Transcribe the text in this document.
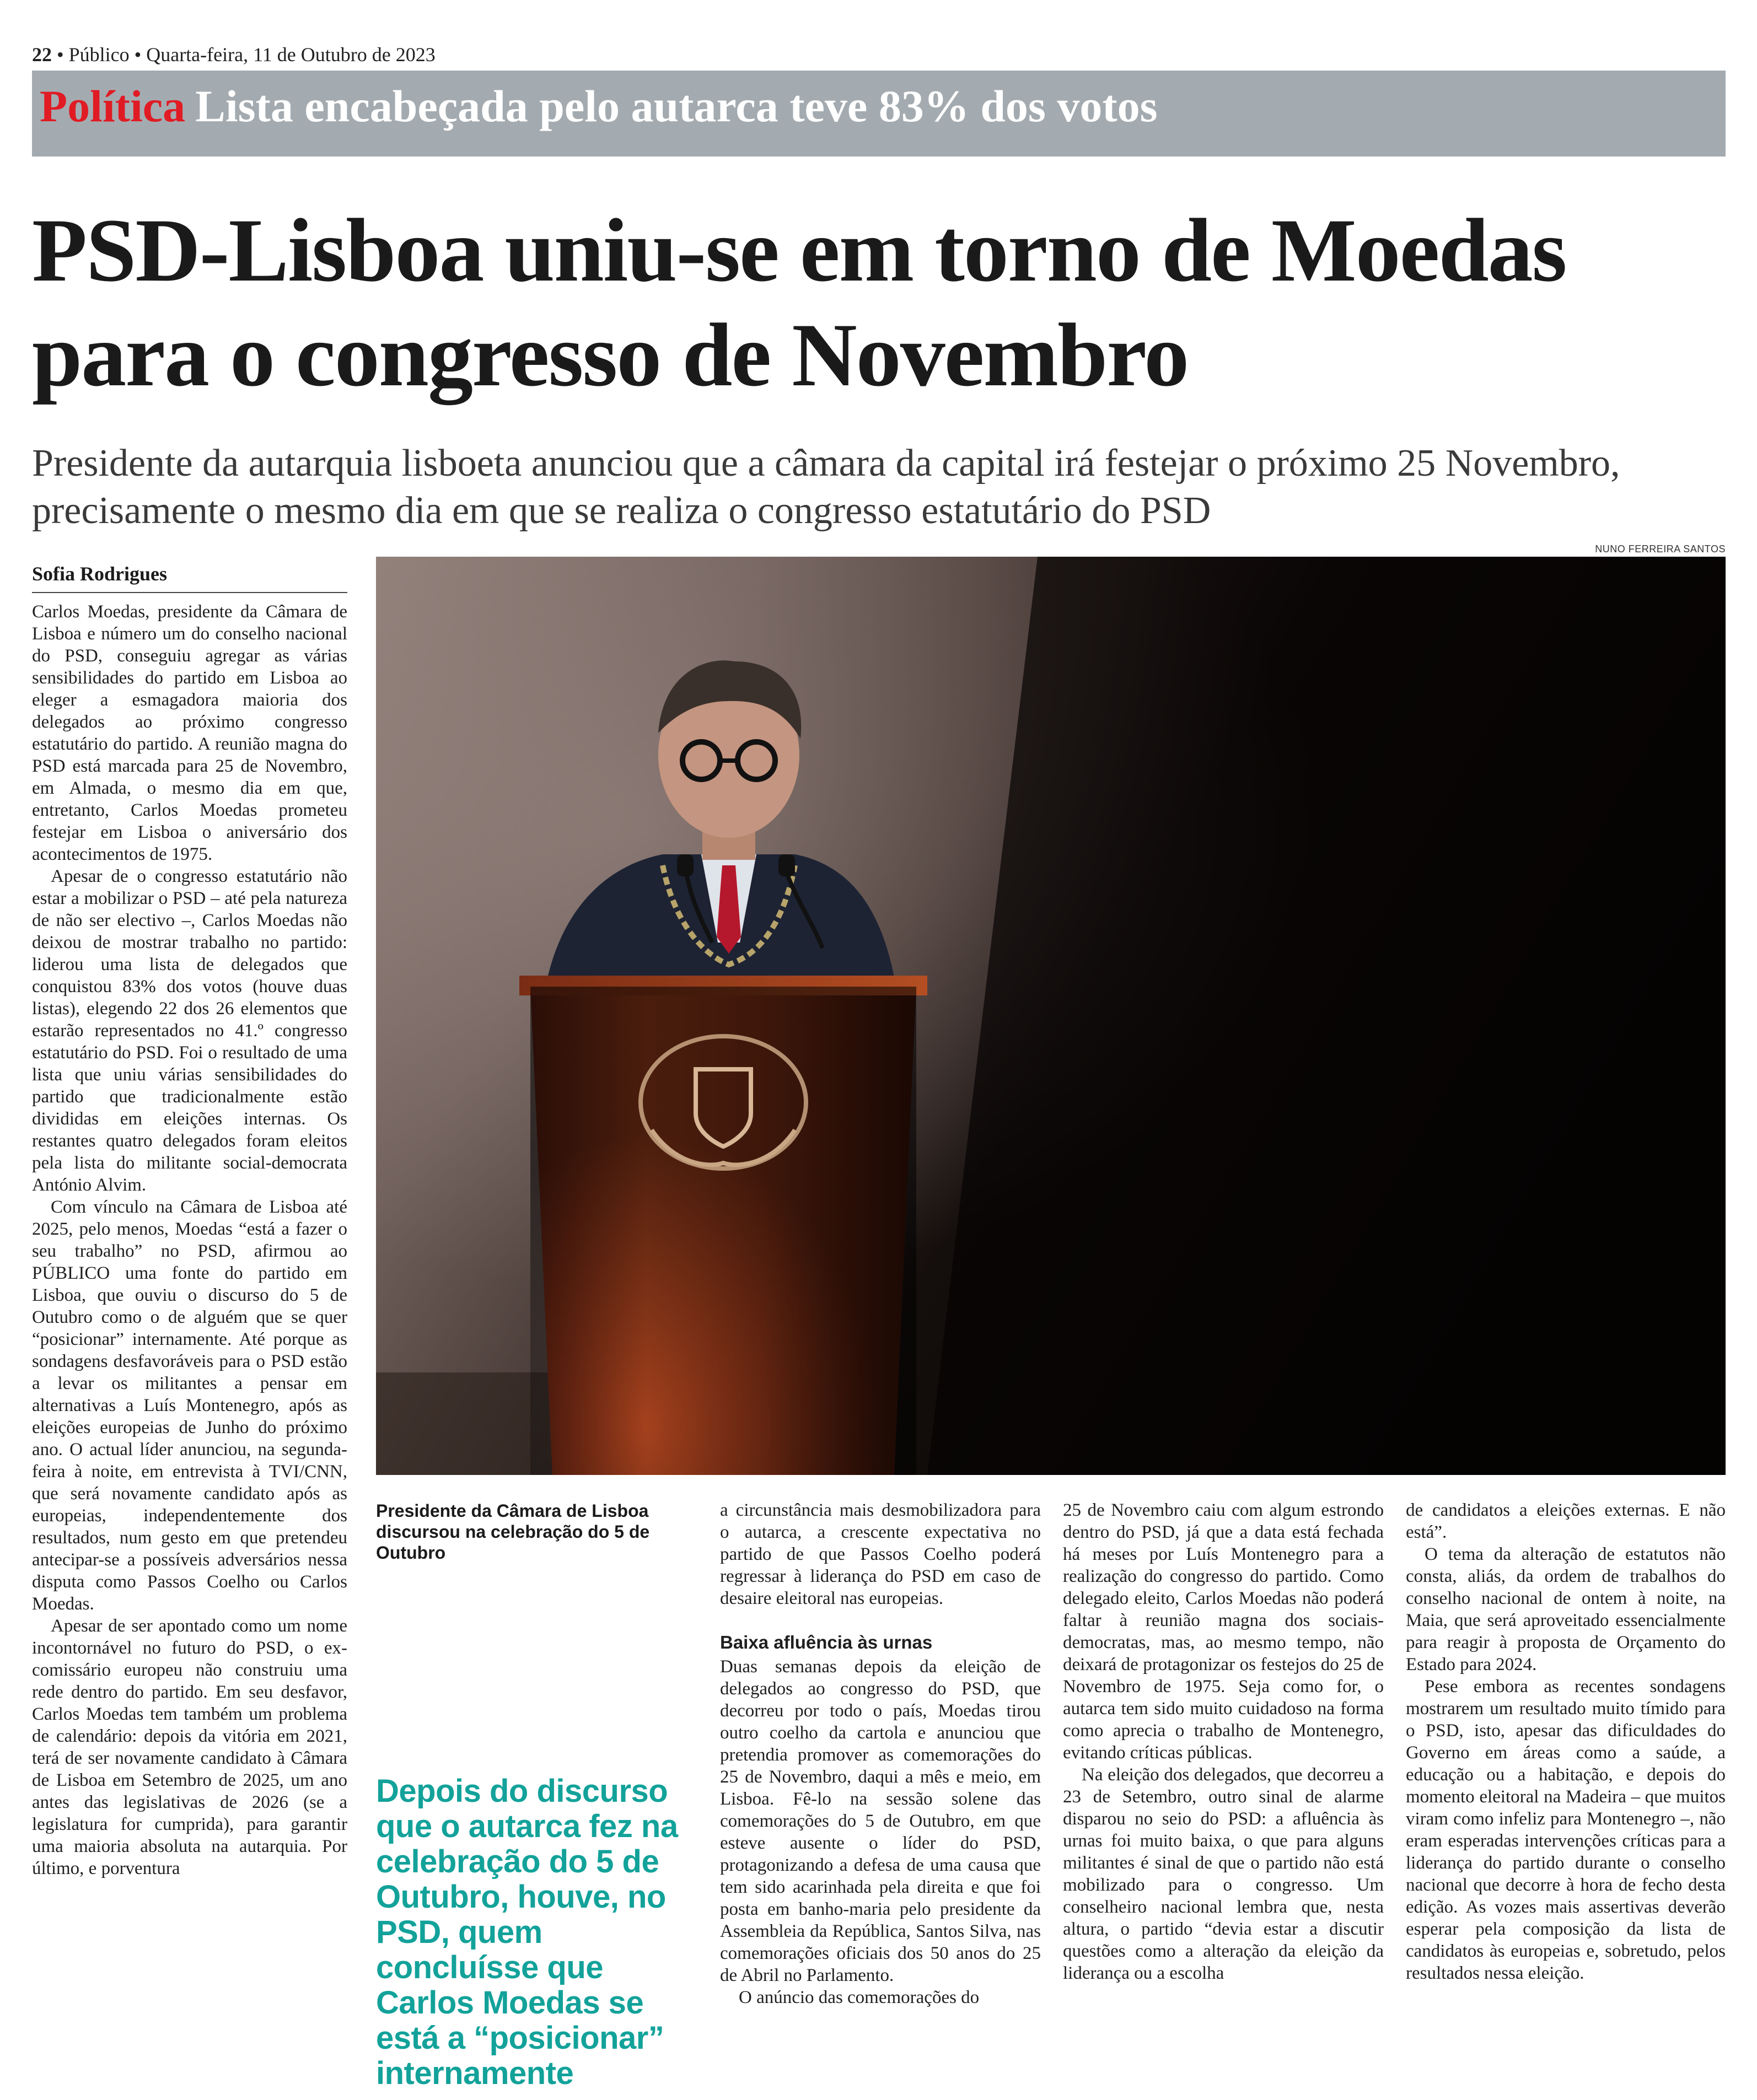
22 • Público • Quarta-feira, 11 de Outubro de 2023
Política Lista encabeçada pelo autarca teve 83% dos votos
PSD-Lisboa uniu-se em torno de Moedas
para o congresso de Novembro

Presidente da autarquia lisboeta anunciou que a câmara da capital irá festejar o próximo 25 Novembro, precisamente o mesmo dia em que se realiza o congresso estatutário do PSD

NUNO FERREIRA SANTOS
Sofia Rodrigues

Carlos Moedas, presidente da Câmara de Lisboa e número um do conselho nacional do PSD, conseguiu agregar as várias sensibilidades do partido em Lisboa ao eleger a esmagadora maioria dos delegados ao próximo congresso estatutário do partido. A reunião magna do PSD está marcada para 25 de Novembro, em Almada, o mesmo dia em que, entretanto, Carlos Moedas prometeu festejar em Lisboa o aniversário dos acontecimentos de 1975.

Apesar de o congresso estatutário não estar a mobilizar o PSD – até pela natureza de não ser electivo –, Carlos Moedas não deixou de mostrar trabalho no partido: liderou uma lista de delegados que conquistou 83% dos votos (houve duas listas), elegendo 22 dos 26 elementos que estarão representados no 41.º congresso estatutário do PSD. Foi o resultado de uma lista que uniu várias sensibilidades do partido que tradicionalmente estão divididas em eleições internas. Os restantes quatro delegados foram eleitos pela lista do militante social-democrata António Alvim.

Com vínculo na Câmara de Lisboa até 2025, pelo menos, Moedas “está a fazer o seu trabalho” no PSD, afirmou ao PÚBLICO uma fonte do partido em Lisboa, que ouviu o discurso do 5 de Outubro como o de alguém que se quer “posicionar” internamente. Até porque as sondagens desfavoráveis para o PSD estão a levar os militantes a pensar em alternativas a Luís Montenegro, após as eleições europeias de Junho do próximo ano. O actual líder anunciou, na segunda-feira à noite, em entrevista à TVI/CNN, que será novamente candidato após as europeias, independentemente dos resultados, num gesto em que pretendeu antecipar-se a possíveis adversários nessa disputa como Passos Coelho ou Carlos Moedas.

Apesar de ser apontado como um nome incontornável no futuro do PSD, o ex-comissário europeu não construiu uma rede dentro do partido. Em seu desfavor, Carlos Moedas tem também um problema de calendário: depois da vitória em 2021, terá de ser novamente candidato à Câmara de Lisboa em Setembro de 2025, um ano antes das legislativas de 2026 (se a legislatura for cumprida), para garantir uma maioria absoluta na autarquia. Por último, e porventura

Presidente da Câmara de Lisboa discursou na celebração do 5 de Outubro
Depois do discurso que o autarca fez na celebração do 5 de Outubro, houve, no PSD, quem concluísse que Carlos Moedas se está a “posicionar” internamente

a circunstância mais desmobilizadora para o autarca, a crescente expectativa no partido de que Passos Coelho poderá regressar à liderança do PSD em caso de desaire eleitoral nas europeias.

Baixa afluência às urnas

Duas semanas depois da eleição de delegados ao congresso do PSD, que decorreu por todo o país, Moedas tirou outro coelho da cartola e anunciou que pretendia promover as comemorações do 25 de Novembro, daqui a mês e meio, em Lisboa. Fê-lo na sessão solene das comemorações do 5 de Outubro, em que esteve ausente o líder do PSD, protagonizando a defesa de uma causa que tem sido acarinhada pela direita e que foi posta em banho-maria pelo presidente da Assembleia da República, Santos Silva, nas comemorações oficiais dos 50 anos do 25 de Abril no Parlamento.

O anúncio das comemorações do

25 de Novembro caiu com algum estrondo dentro do PSD, já que a data está fechada há meses por Luís Montenegro para a realização do congresso do partido. Como delegado eleito, Carlos Moedas não poderá faltar à reunião magna dos sociais-democratas, mas, ao mesmo tempo, não deixará de protagonizar os festejos do 25 de Novembro de 1975. Seja como for, o autarca tem sido muito cuidadoso na forma como aprecia o trabalho de Montenegro, evitando críticas públicas.

Na eleição dos delegados, que decorreu a 23 de Setembro, outro sinal de alarme disparou no seio do PSD: a afluência às urnas foi muito baixa, o que para alguns militantes é sinal de que o partido não está mobilizado para o congresso. Um conselheiro nacional lembra que, nesta altura, o partido “devia estar a discutir questões como a alteração da eleição da liderança ou a escolha

de candidatos a eleições externas. E não está”.

O tema da alteração de estatutos não consta, aliás, da ordem de trabalhos do conselho nacional de ontem à noite, na Maia, que será aproveitado essencialmente para reagir à proposta de Orçamento do Estado para 2024.

Pese embora as recentes sondagens mostrarem um resultado muito tímido para o PSD, isto, apesar das dificuldades do Governo em áreas como a saúde, a educação ou a habitação, e depois do momento eleitoral na Madeira – que muitos viram como infeliz para Montenegro –, não eram esperadas intervenções críticas para a liderança do partido durante o conselho nacional que decorre à hora de fecho desta edição. As vozes mais assertivas deverão esperar pela composição da lista de candidatos às europeias e, sobretudo, pelos resultados nessa eleição.
